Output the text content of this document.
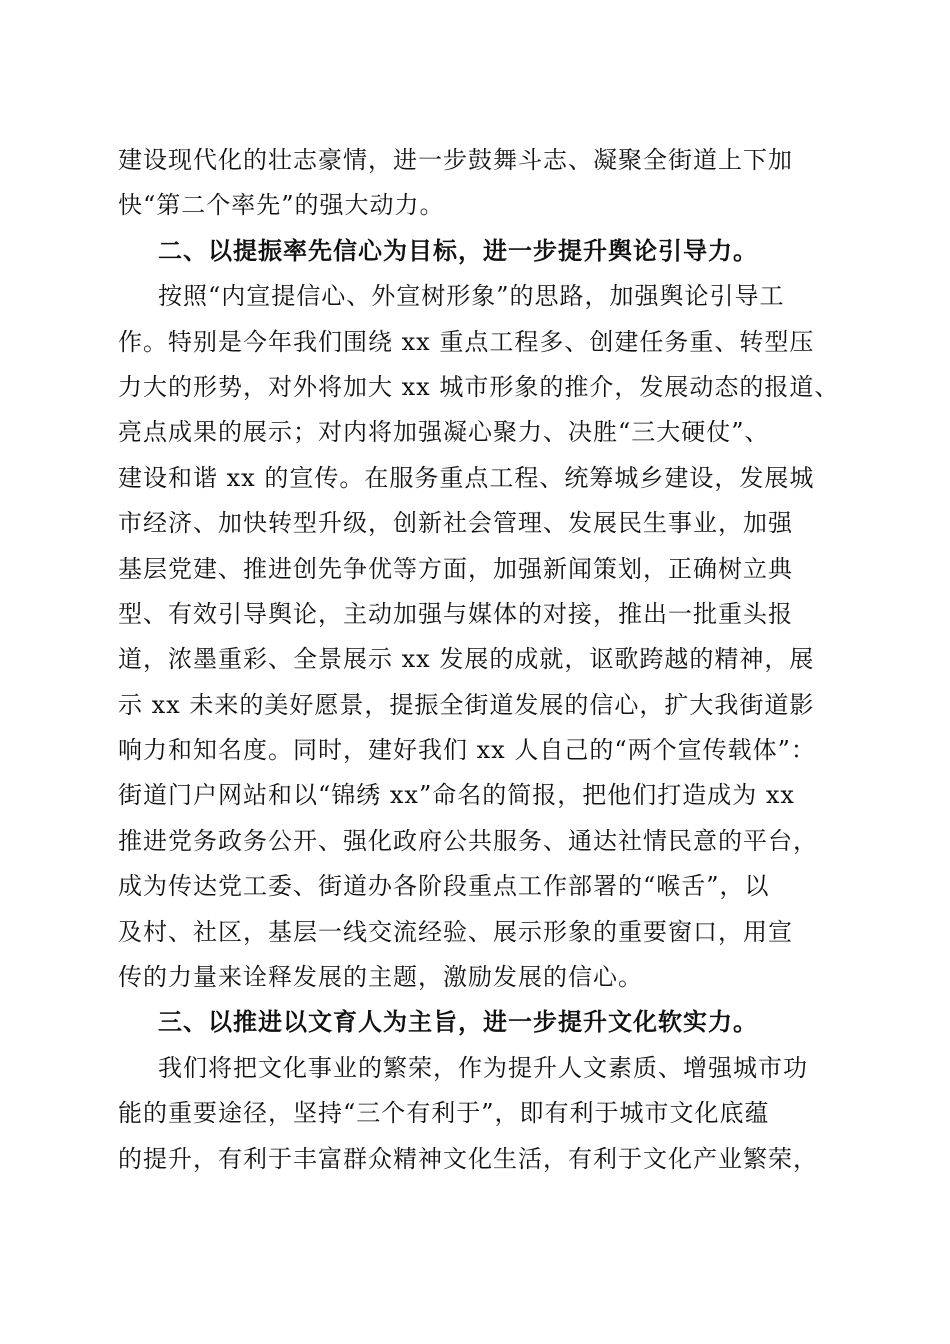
建设现代化的壮志豪情，进一步鼓舞斗志、凝聚全街道上下加
快“第二个率先”的强大动力。
二、以提振率先信心为目标，进一步提升舆论引导力。
按照“内宣提信心、外宣树形象”的思路，加强舆论引导工
作。特别是今年我们围绕 xx 重点工程多、创建任务重、转型压
力大的形势，对外将加大 xx 城市形象的推介，发展动态的报道、
亮点成果的展示；对内将加强凝心聚力、决胜“三大硬仗”、
建设和谐 xx 的宣传。在服务重点工程、统筹城乡建设，发展城
市经济、加快转型升级，创新社会管理、发展民生事业，加强
基层党建、推进创先争优等方面，加强新闻策划，正确树立典
型、有效引导舆论，主动加强与媒体的对接，推出一批重头报
道，浓墨重彩、全景展示 xx 发展的成就，讴歌跨越的精神，展
示 xx 未来的美好愿景，提振全街道发展的信心，扩大我街道影
响力和知名度。同时，建好我们 xx 人自己的“两个宣传载体”：
街道门户网站和以“锦绣 xx”命名的简报，把他们打造成为 xx
推进党务政务公开、强化政府公共服务、通达社情民意的平台，
成为传达党工委、街道办各阶段重点工作部署的“喉舌”，以
及村、社区，基层一线交流经验、展示形象的重要窗口，用宣
传的力量来诠释发展的主题，激励发展的信心。
三、以推进以文育人为主旨，进一步提升文化软实力。
我们将把文化事业的繁荣，作为提升人文素质、增强城市功
能的重要途径，坚持“三个有利于”，即有利于城市文化底蕴
的提升，有利于丰富群众精神文化生活，有利于文化产业繁荣，
